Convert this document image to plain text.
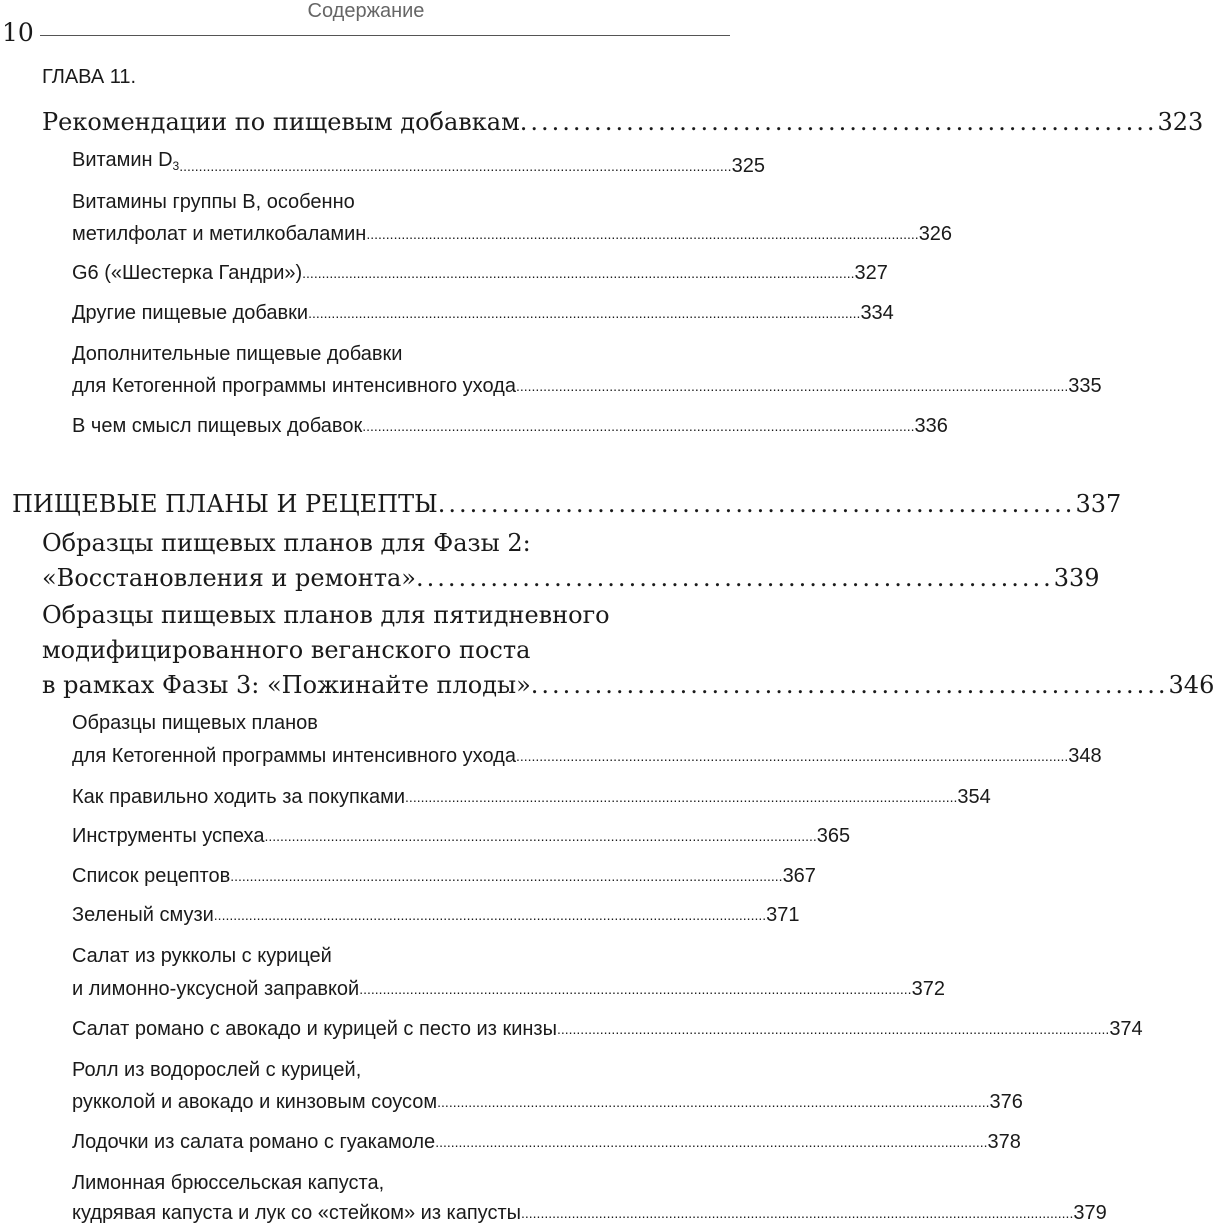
Содержание
10
ГЛАВА 11.
Рекомендации по пищевым добавкам ............................................................ 323
Витамин $D_3$ .............................................................................................................................................. 325
Витамины группы В, особенно
метилфолат и метилкобаламин .............................................................................................................................................. 326
G6 («Шестерка Гандри») .............................................................................................................................................. 327
Другие пищевые добавки .............................................................................................................................................. 334
Дополнительные пищевые добавки
для Кетогенной программы интенсивного ухода .............................................................................................................................................. 335
В чем смысл пищевых добавок .............................................................................................................................................. 336
ПИЩЕВЫЕ ПЛАНЫ И РЕЦЕПТЫ ............................................................ 337
Образцы пищевых планов для Фазы 2:
«Восстановления и ремонта» ............................................................ 339
Образцы пищевых планов для пятидневного
модифицированного веганского поста
в рамках Фазы 3: «Пожинайте плоды» ............................................................ 346
Образцы пищевых планов
для Кетогенной программы интенсивного ухода .............................................................................................................................................. 348
Как правильно ходить за покупками .............................................................................................................................................. 354
Инструменты успеха .............................................................................................................................................. 365
Список рецептов .............................................................................................................................................. 367
Зеленый смузи .............................................................................................................................................. 371
Салат из рукколы с курицей
и лимонно-уксусной заправкой .............................................................................................................................................. 372
Салат романо с авокадо и курицей с песто из кинзы .............................................................................................................................................. 374
Ролл из водорослей с курицей,
рукколой и авокадо и кинзовым соусом .............................................................................................................................................. 376
Лодочки из салата романо с гуакамоле .............................................................................................................................................. 378
Лимонная брюссельская капуста,
кудрявая капуста и лук со «стейком» из капусты .............................................................................................................................................. 379
